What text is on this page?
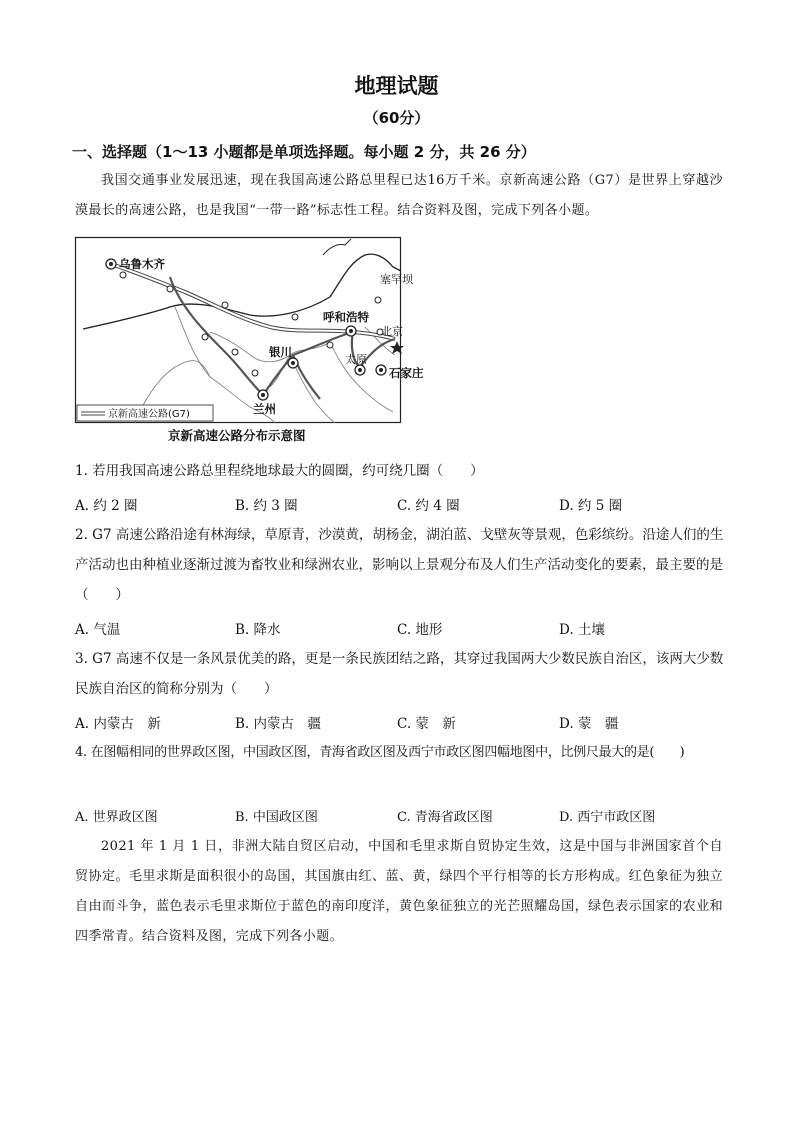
地理试题
（60分）
一、选择题（1～13 小题都是单项选择题。每小题 2 分，共 26 分）
我国交通事业发展迅速，现在我国高速公路总里程已达16万千米。京新高速公路（G7）是世界上穿越沙漠最长的高速公路，也是我国“一带一路”标志性工程。结合资料及图，完成下列各小题。
乌鲁木齐
塞罕坝
呼和浩特
北京
银川
太原
石家庄
兰州
京新高速公路(G7)
京新高速公路分布示意图
1. 若用我国高速公路总里程绕地球最大的圆圈，约可绕几圈（　　）
A. 约 2 圈	B. 约 3 圈	C. 约 4 圈	D. 约 5 圈
2. G7 高速公路沿途有林海绿，草原青，沙漠黄，胡杨金，湖泊蓝、戈壁灰等景观，色彩缤纷。沿途人们的生产活动也由种植业逐渐过渡为畜牧业和绿洲农业，影响以上景观分布及人们生产活动变化的要素，最主要的是（　　）
A. 气温	B. 降水	C. 地形	D. 土壤
3. G7 高速不仅是一条风景优美的路，更是一条民族团结之路，其穿过我国两大少数民族自治区，该两大少数民族自治区的简称分别为（　　）
A. 内蒙古　新	B. 内蒙古　疆	C. 蒙　新	D. 蒙　疆
4. 在图幅相同的世界政区图，中国政区图，青海省政区图及西宁市政区图四幅地图中，比例尺最大的是(　　)
A. 世界政区图	B. 中国政区图	C. 青海省政区图	D. 西宁市政区图
2021 年 1 月 1 日，非洲大陆自贸区启动，中国和毛里求斯自贸协定生效，这是中国与非洲国家首个自贸协定。毛里求斯是面积很小的岛国，其国旗由红、蓝、黄，绿四个平行相等的长方形构成。红色象征为独立自由而斗争，蓝色表示毛里求斯位于蓝色的南印度洋，黄色象征独立的光芒照耀岛国，绿色表示国家的农业和四季常青。结合资料及图，完成下列各小题。
